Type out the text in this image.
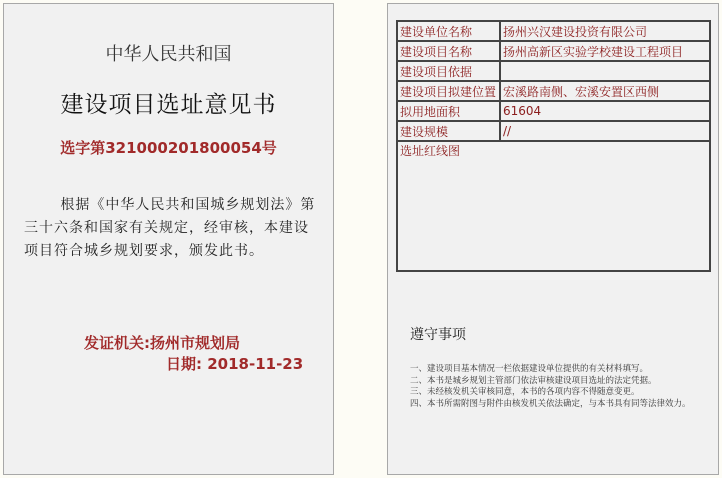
中华人民共和国
建设项目选址意见书
选字第321000201800054号
根据《中华人民共和国城乡规划法》第三十六条和国家有关规定，经审核，本建设项目符合城乡规划要求，颁发此书。
发证机关:扬州市规划局
日期: 2018-11-23
建设单位名称	扬州兴汉建设投资有限公司
建设项目名称	扬州高新区实验学校建设工程项目
建设项目依据	
建设项目拟建位置	宏溪路南侧、宏溪安置区西侧
拟用地面积	61604
建设规模	//
选址红线图	
遵守事项
一、建设项目基本情况一栏依据建设单位提供的有关材料填写。
二、本书是城乡规划主管部门依法审核建设项目选址的法定凭据。
三、未经核发机关审核同意，本书的各项内容不得随意变更。
四、本书所需附图与附件由核发机关依法确定，与本书具有同等法律效力。
